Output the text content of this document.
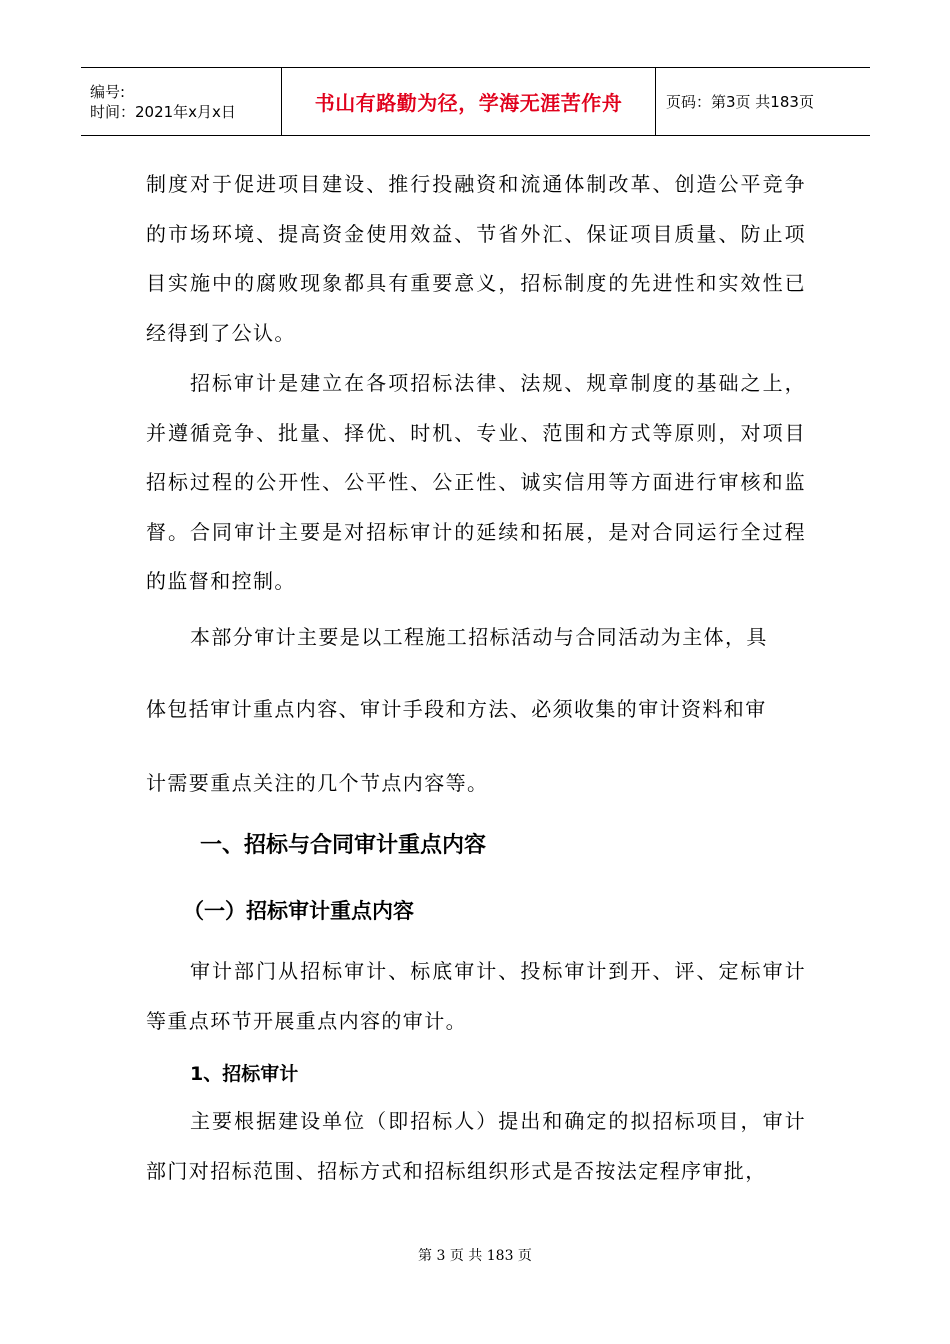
编号:
时间：2021年x月x日	书山有路勤为径，学海无涯苦作舟	页码：第3页 共183页

制度对于促进项目建设、推行投融资和流通体制改革、创造公平竞争的市场环境、提高资金使用效益、节省外汇、保证项目质量、防止项目实施中的腐败现象都具有重要意义，招标制度的先进性和实效性已经得到了公认。

招标审计是建立在各项招标法律、法规、规章制度的基础之上，并遵循竞争、批量、择优、时机、专业、范围和方式等原则，对项目招标过程的公开性、公平性、公正性、诚实信用等方面进行审核和监督。合同审计主要是对招标审计的延续和拓展，是对合同运行全过程的监督和控制。

本部分审计主要是以工程施工招标活动与合同活动为主体，具

体包括审计重点内容、审计手段和方法、必须收集的审计资料和审

计需要重点关注的几个节点内容等。

一、招标与合同审计重点内容
（一）招标审计重点内容

审计部门从招标审计、标底审计、投标审计到开、评、定标审计等重点环节开展重点内容的审计。

1、招标审计

主要根据建设单位（即招标人）提出和确定的拟招标项目，审计部门对招标范围、招标方式和招标组织形式是否按法定程序审批，

第 3 页 共 183 页
